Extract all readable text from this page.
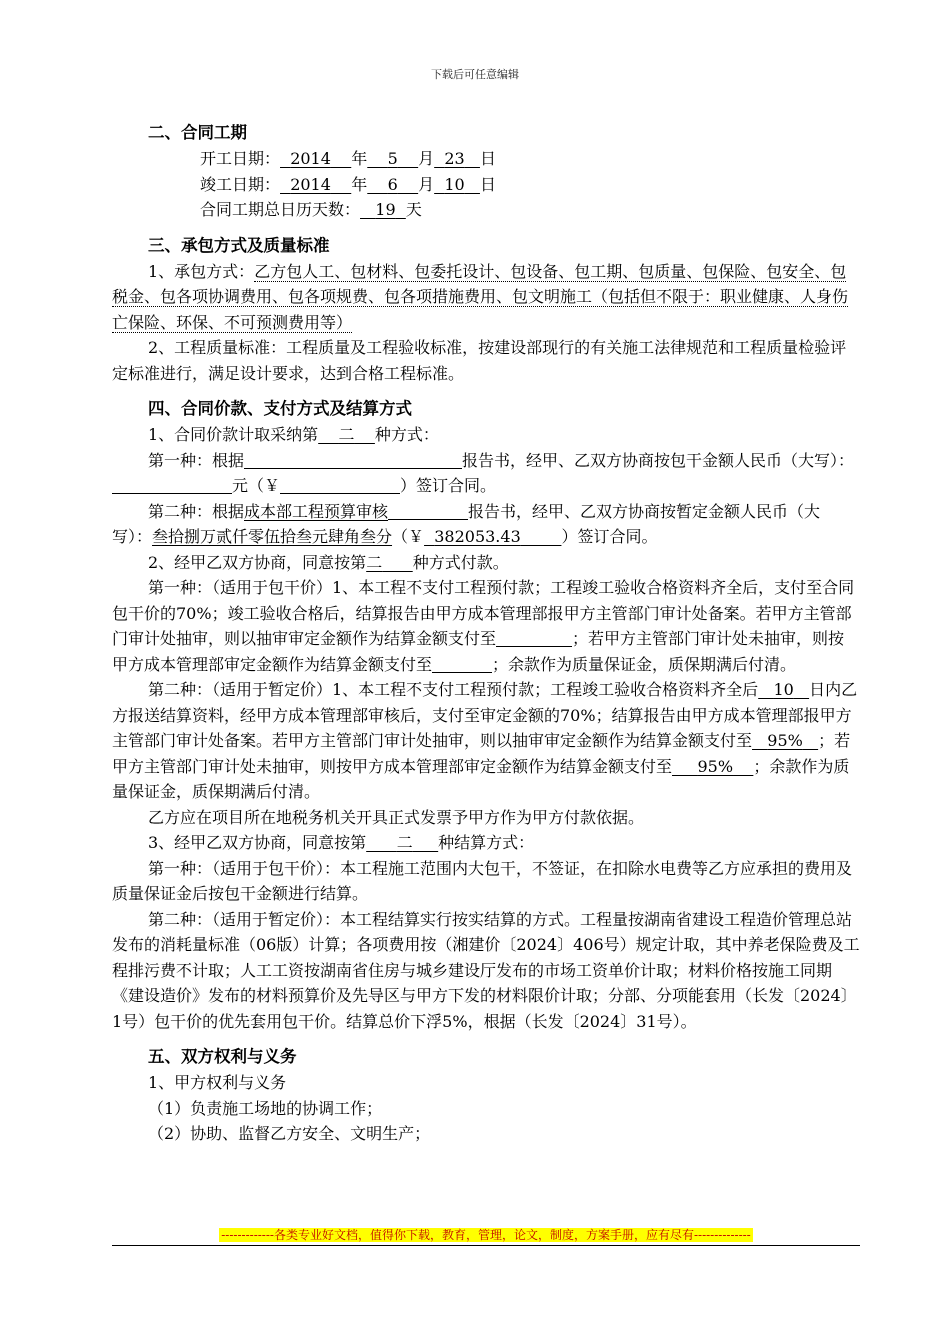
下载后可任意编辑
二、合同工期
开工日期： 2014 年 5 月 23 日
竣工日期： 2014 年 6 月 10 日
合同工期总日历天数： 19 天
三、承包方式及质量标准
1、承包方式：乙方包人工、包材料、包委托设计、包设备、包工期、包质量、包保险、包安全、包税金、包各项协调费用、包各项规费、包各项措施费用、包文明施工（包括但不限于：职业健康、人身伤亡保险、环保、不可预测费用等）
2、工程质量标准：工程质量及工程验收标准，按建设部现行的有关施工法律规范和工程质量检验评定标准进行，满足设计要求，达到合格工程标准。
四、合同价款、支付方式及结算方式
1、合同价款计取采纳第 二 种方式：
第一种：根据	报告书，经甲、乙双方协商按包干金额人民币（大写）：元（￥	）签订合同。
第二种：根据成本部工程预算审核	报告书，经甲、乙双方协商按暂定金额人民币（大写）：叁拾捌万贰仟零伍拾叁元肆角叁分（￥ 382053.43	）签订合同。
2、经甲乙双方协商，同意按第二 种方式付款。
第一种：（适用于包干价）1、本工程不支付工程预付款；工程竣工验收合格资料齐全后，支付至合同包干价的70%；竣工验收合格后，结算报告由甲方成本管理部报甲方主管部门审计处备案。若甲方主管部门审计处抽审，则以抽审审定金额作为结算金额支付至	；若甲方主管部门审计处未抽审，则按甲方成本管理部审定金额作为结算金额支付至	；余款作为质量保证金，质保期满后付清。
第二种：（适用于暂定价）1、本工程不支付工程预付款；工程竣工验收合格资料齐全后 10 日内乙方报送结算资料，经甲方成本管理部审核后，支付至审定金额的70%；结算报告由甲方成本管理部报甲方主管部门审计处备案。若甲方主管部门审计处抽审，则以抽审审定金额作为结算金额支付至 95% ；若甲方主管部门审计处未抽审，则按甲方成本管理部审定金额作为结算金额支付至 95% ；余款作为质量保证金，质保期满后付清。
乙方应在项目所在地税务机关开具正式发票予甲方作为甲方付款依据。
3、经甲乙双方协商，同意按第 二 种结算方式：
第一种：（适用于包干价）：本工程施工范围内大包干，不签证，在扣除水电费等乙方应承担的费用及质量保证金后按包干金额进行结算。
第二种：（适用于暂定价）：本工程结算实行按实结算的方式。工程量按湖南省建设工程造价管理总站发布的消耗量标准（06版）计算；各项费用按（湘建价〔2024〕406号）规定计取，其中养老保险费及工程排污费不计取；人工工资按湖南省住房与城乡建设厅发布的市场工资单价计取；材料价格按施工同期《建设造价》发布的材料预算价及先导区与甲方下发的材料限价计取；分部、分项能套用（长发〔2024〕1号）包干价的优先套用包干价。结算总价下浮5%，根据（长发〔2024〕31号）。
五、双方权利与义务
1、甲方权利与义务
（1）负责施工场地的协调工作；
（2）协助、监督乙方安全、文明生产；
-------------各类专业好文档，值得你下载，教育，管理，论文，制度，方案手册，应有尽有--------------
